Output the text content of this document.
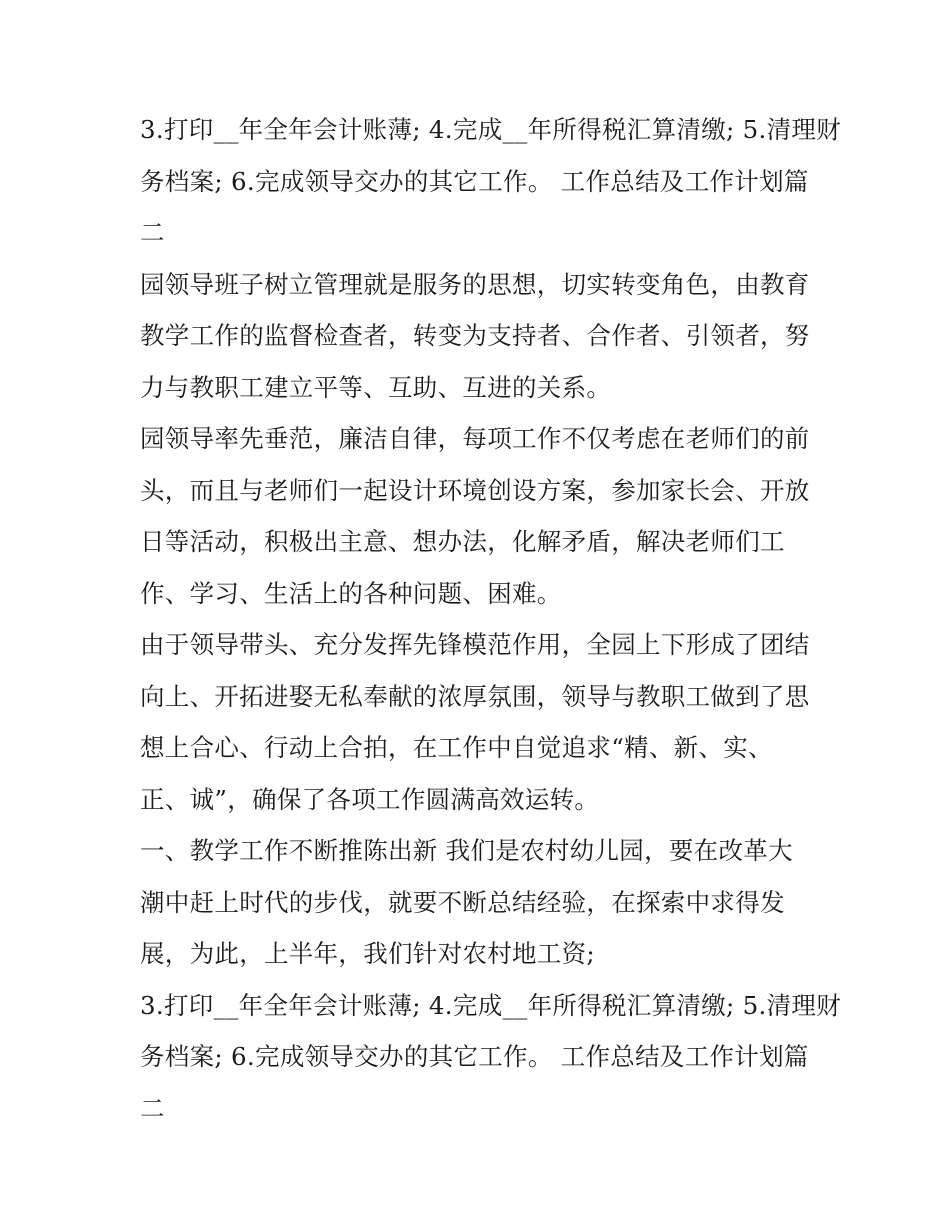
3.打印__年全年会计账薄; 4.完成__年所得税汇算清缴; 5.清理财
务档案; 6.完成领导交办的其它工作。 工作总结及工作计划篇
二

园领导班子树立管理就是服务的思想，切实转变角色，由教育
教学工作的监督检查者，转变为支持者、合作者、引领者，努
力与教职工建立平等、互助、互进的关系。

园领导率先垂范，廉洁自律，每项工作不仅考虑在老师们的前
头，而且与老师们一起设计环境创设方案，参加家长会、开放
日等活动，积极出主意、想办法，化解矛盾，解决老师们工
作、学习、生活上的各种问题、困难。

由于领导带头、充分发挥先锋模范作用，全园上下形成了团结
向上、开拓进娶无私奉献的浓厚氛围，领导与教职工做到了思
想上合心、行动上合拍，在工作中自觉追求“精、新、实、
正、诚”，确保了各项工作圆满高效运转。

一、教学工作不断推陈出新 我们是农村幼儿园，要在改革大
潮中赶上时代的步伐，就要不断总结经验，在探索中求得发
展，为此，上半年，我们针对农村地工资;

3.打印__年全年会计账薄; 4.完成__年所得税汇算清缴; 5.清理财
务档案; 6.完成领导交办的其它工作。 工作总结及工作计划篇
二
